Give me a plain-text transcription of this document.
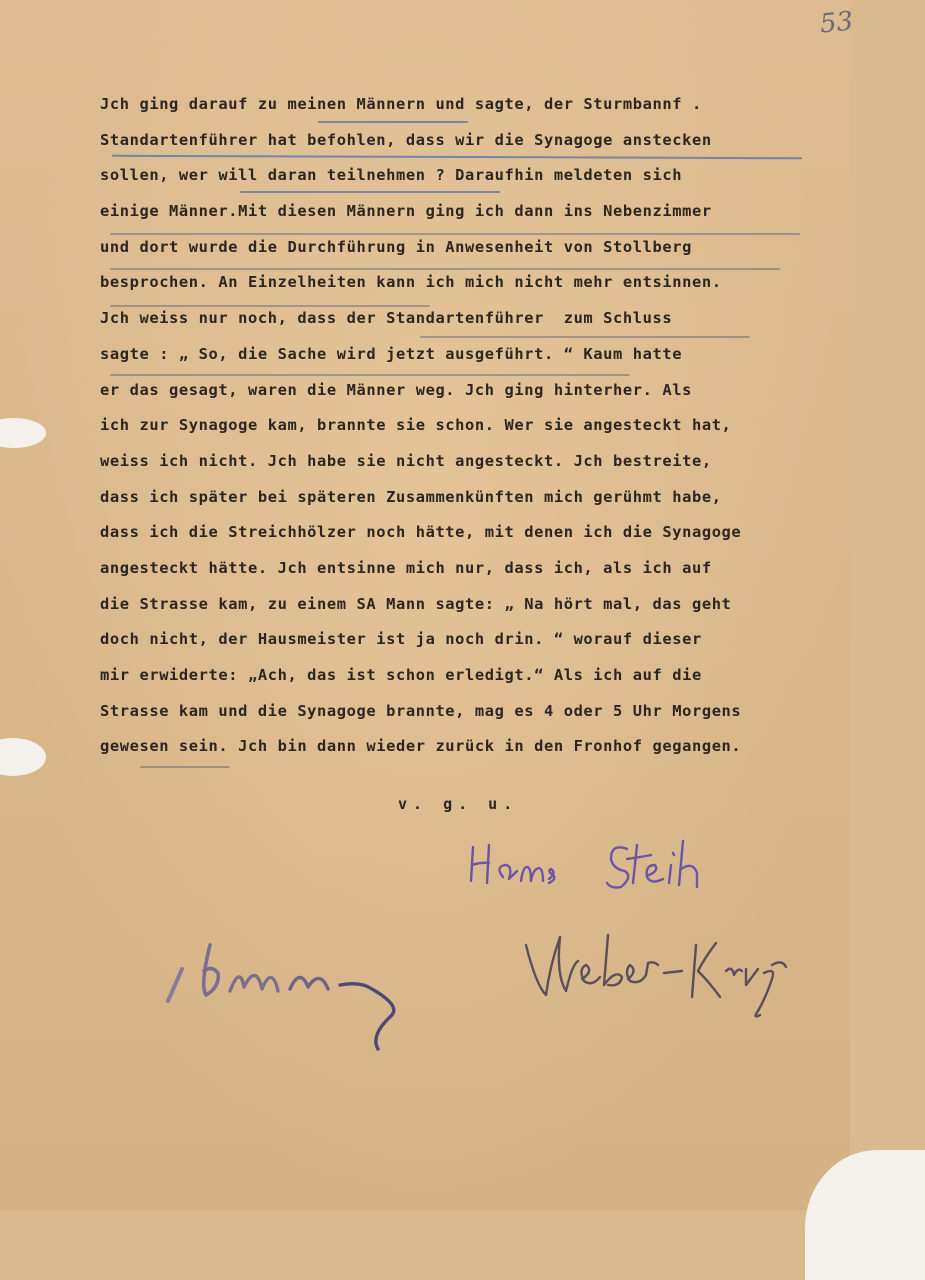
53
Jch ging darauf zu meinen Männern und sagte, der Sturmbannf .
Standartenführer hat befohlen, dass wir die Synagoge anstecken
sollen, wer will daran teilnehmen ? Daraufhin meldeten sich
einige Männer.Mit diesen Männern ging ich dann ins Nebenzimmer
und dort wurde die Durchführung in Anwesenheit von Stollberg
besprochen. An Einzelheiten kann ich mich nicht mehr entsinnen.
Jch weiss nur noch, dass der Standartenführer  zum Schluss
sagte : „ So, die Sache wird jetzt ausgeführt. “ Kaum hatte
er das gesagt, waren die Männer weg. Jch ging hinterher. Als
ich zur Synagoge kam, brannte sie schon. Wer sie angesteckt hat,
weiss ich nicht. Jch habe sie nicht angesteckt. Jch bestreite,
dass ich später bei späteren Zusammenkünften mich gerühmt habe,
dass ich die Streichhölzer noch hätte, mit denen ich die Synagoge
angesteckt hätte. Jch entsinne mich nur, dass ich, als ich auf
die Strasse kam, zu einem SA Mann sagte: „ Na hört mal, das geht
doch nicht, der Hausmeister ist ja noch drin. “ worauf dieser
mir erwiderte: „Ach, das ist schon erledigt.“ Als ich auf die
Strasse kam und die Synagoge brannte, mag es 4 oder 5 Uhr Morgens
gewesen sein. Jch bin dann wieder zurück in den Fronhof gegangen.
v. g. u.
